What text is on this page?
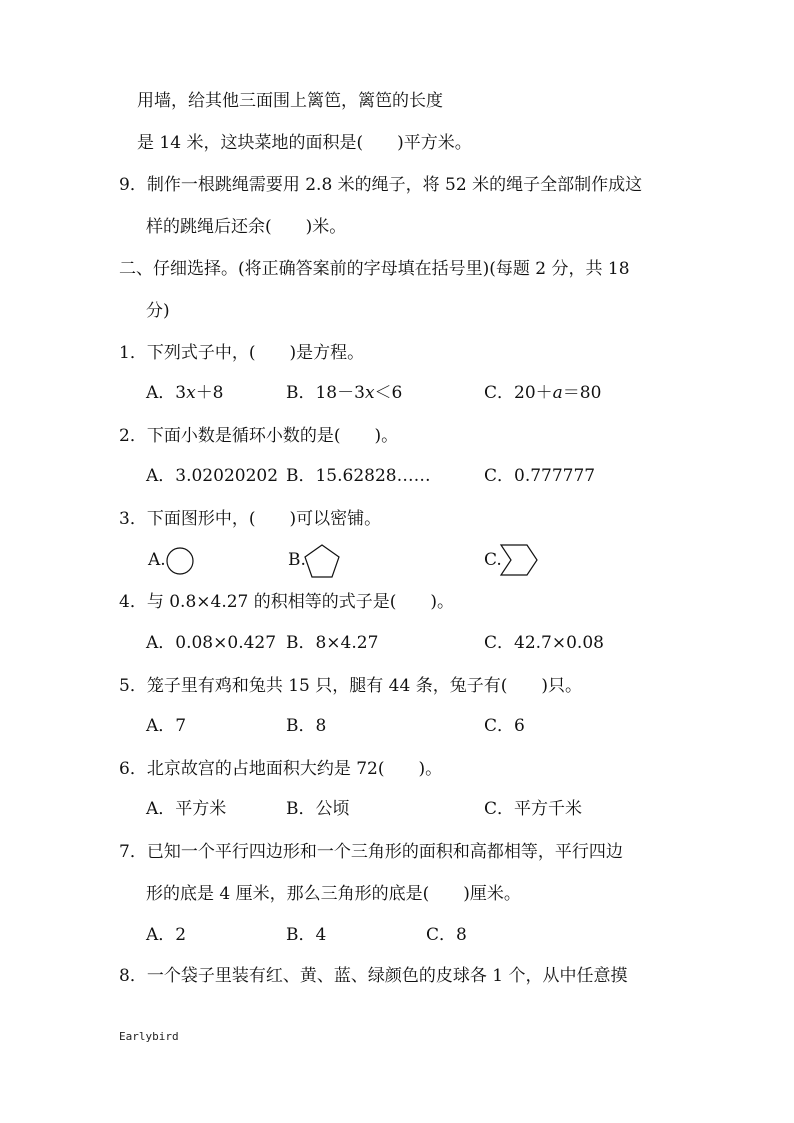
用墙，给其他三面围上篱笆，篱笆的长度
是 14 米，这块菜地的面积是(　　)平方米。
9．制作一根跳绳需要用 2.8 米的绳子，将 52 米的绳子全部制作成这
样的跳绳后还余(　　)米。
二、仔细选择。(将正确答案前的字母填在括号里)(每题 2 分，共 18
分)
1．下列式子中，(　　)是方程。
A．3x＋8	B．18－3x＜6	C．20＋a＝80
2．下面小数是循环小数的是(　　)。
A．3.02020202 B．15.62828……	C．0.777777
3．下面图形中，(　　)可以密铺。
A.	B.	C.
4．与 0.8×4.27 的积相等的式子是(　　)。
A．0.08×0.427 B．8×4.27	C．42.7×0.08
5．笼子里有鸡和兔共 15 只，腿有 44 条，兔子有(　　)只。
A．7	B．8	C．6
6．北京故宫的占地面积大约是 72(　　)。
A．平方米	B．公顷	C．平方千米
7．已知一个平行四边形和一个三角形的面积和高都相等，平行四边
形的底是 4 厘米，那么三角形的底是(　　)厘米。
A．2	B．4	C．8
8．一个袋子里装有红、黄、蓝、绿颜色的皮球各 1 个，从中任意摸
Earlybird
